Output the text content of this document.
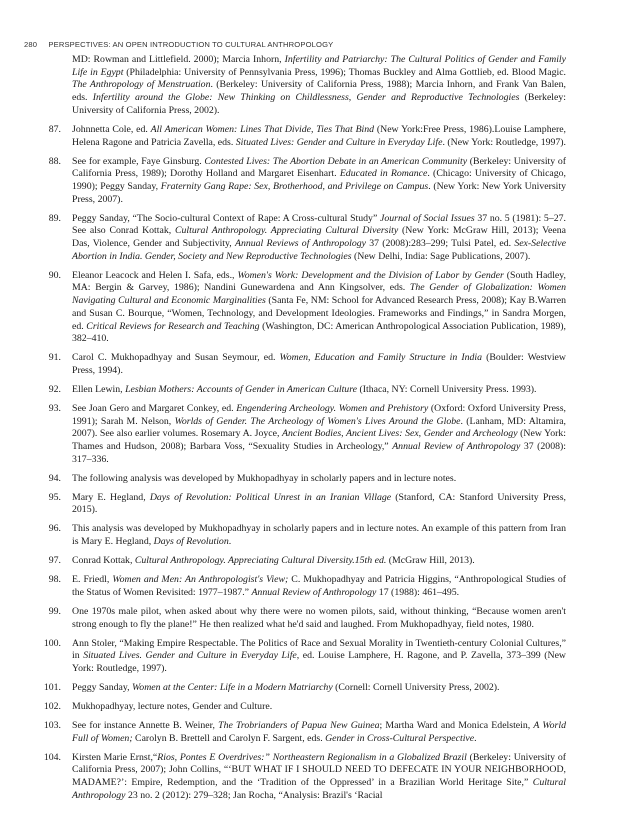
280 PERSPECTIVES: AN OPEN INTRODUCTION TO CULTURAL ANTHROPOLOGY
MD: Rowman and Littlefield. 2000); Marcia Inhorn, Infertility and Patriarchy: The Cultural Politics of Gender and Family Life in Egypt (Philadelphia: University of Pennsylvania Press, 1996); Thomas Buckley and Alma Gottlieb, ed. Blood Magic. The Anthropology of Menstruation. (Berkeley: University of California Press, 1988); Marcia Inhorn, and Frank Van Balen, eds. Infertility around the Globe: New Thinking on Childlessness, Gender and Reproductive Technologies (Berkeley: University of California Press, 2002).
87. Johnnetta Cole, ed. All American Women: Lines That Divide, Ties That Bind (New York:Free Press, 1986).Louise Lamphere, Helena Ragone and Patricia Zavella, eds. Situated Lives: Gender and Culture in Everyday Life. (New York: Routledge, 1997).
88. See for example, Faye Ginsburg. Contested Lives: The Abortion Debate in an American Community (Berkeley: University of California Press, 1989); Dorothy Holland and Margaret Eisenhart. Educated in Romance. (Chicago: University of Chicago, 1990); Peggy Sanday, Fraternity Gang Rape: Sex, Brotherhood, and Privilege on Campus. (New York: New York University Press, 2007).
89. Peggy Sanday, “The Socio-cultural Context of Rape: A Cross-cultural Study” Journal of Social Issues 37 no. 5 (1981): 5–27. See also Conrad Kottak, Cultural Anthropology. Appreciating Cultural Diversity (New York: McGraw Hill, 2013); Veena Das, Violence, Gender and Subjectivity, Annual Reviews of Anthropology 37 (2008):283–299; Tulsi Patel, ed. Sex-Selective Abortion in India. Gender, Society and New Reproductive Technologies (New Delhi, India: Sage Publications, 2007).
90. Eleanor Leacock and Helen I. Safa, eds., Women's Work: Development and the Division of Labor by Gender (South Hadley, MA: Bergin & Garvey, 1986); Nandini Gunewardena and Ann Kingsolver, eds. The Gender of Globalization: Women Navigating Cultural and Economic Marginalities (Santa Fe, NM: School for Advanced Research Press, 2008); Kay B.Warren and Susan C. Bourque, “Women, Technology, and Development Ideologies. Frameworks and Findings,” in Sandra Morgen, ed. Critical Reviews for Research and Teaching (Washington, DC: American Anthropological Association Publication, 1989), 382–410.
91. Carol C. Mukhopadhyay and Susan Seymour, ed. Women, Education and Family Structure in India (Boulder: Westview Press, 1994).
92. Ellen Lewin, Lesbian Mothers: Accounts of Gender in American Culture (Ithaca, NY: Cornell University Press. 1993).
93. See Joan Gero and Margaret Conkey, ed. Engendering Archeology. Women and Prehistory (Oxford: Oxford University Press, 1991); Sarah M. Nelson, Worlds of Gender. The Archeology of Women's Lives Around the Globe. (Lanham, MD: Altamira, 2007). See also earlier volumes. Rosemary A. Joyce, Ancient Bodies, Ancient Lives: Sex, Gender and Archeology (New York: Thames and Hudson, 2008); Barbara Voss, “Sexuality Studies in Archeology,” Annual Review of Anthropology 37 (2008): 317–336.
94. The following analysis was developed by Mukhopadhyay in scholarly papers and in lecture notes.
95. Mary E. Hegland, Days of Revolution: Political Unrest in an Iranian Village (Stanford, CA: Stanford University Press, 2015).
96. This analysis was developed by Mukhopadhyay in scholarly papers and in lecture notes. An example of this pattern from Iran is Mary E. Hegland, Days of Revolution.
97. Conrad Kottak, Cultural Anthropology. Appreciating Cultural Diversity.15th ed. (McGraw Hill, 2013).
98. E. Friedl, Women and Men: An Anthropologist's View; C. Mukhopadhyay and Patricia Higgins, “Anthropological Studies of the Status of Women Revisited: 1977–1987.” Annual Review of Anthropology 17 (1988): 461–495.
99. One 1970s male pilot, when asked about why there were no women pilots, said, without thinking, “Because women aren't strong enough to fly the plane!” He then realized what he'd said and laughed. From Mukhopadhyay, field notes, 1980.
100. Ann Stoler, “Making Empire Respectable. The Politics of Race and Sexual Morality in Twentieth-century Colonial Cultures,” in Situated Lives. Gender and Culture in Everyday Life, ed. Louise Lamphere, H. Ragone, and P. Zavella, 373–399 (New York: Routledge, 1997).
101. Peggy Sanday, Women at the Center: Life in a Modern Matriarchy (Cornell: Cornell University Press, 2002).
102. Mukhopadhyay, lecture notes, Gender and Culture.
103. See for instance Annette B. Weiner, The Trobrianders of Papua New Guinea; Martha Ward and Monica Edelstein, A World Full of Women; Carolyn B. Brettell and Carolyn F. Sargent, eds. Gender in Cross-Cultural Perspective.
104. Kirsten Marie Ernst,“Rios, Pontes E Overdrives:” Northeastern Regionalism in a Globalized Brazil (Berkeley: University of California Press, 2007); John Collins, “‘BUT WHAT IF I SHOULD NEED TO DEFECATE IN YOUR NEIGHBORHOOD, MADAME?’: Empire, Redemption, and the ‘Tradition of the Oppressed’ in a Brazilian World Heritage Site,” Cultural Anthropology 23 no. 2 (2012): 279–328; Jan Rocha, “Analysis: Brazil's ‘Racial
